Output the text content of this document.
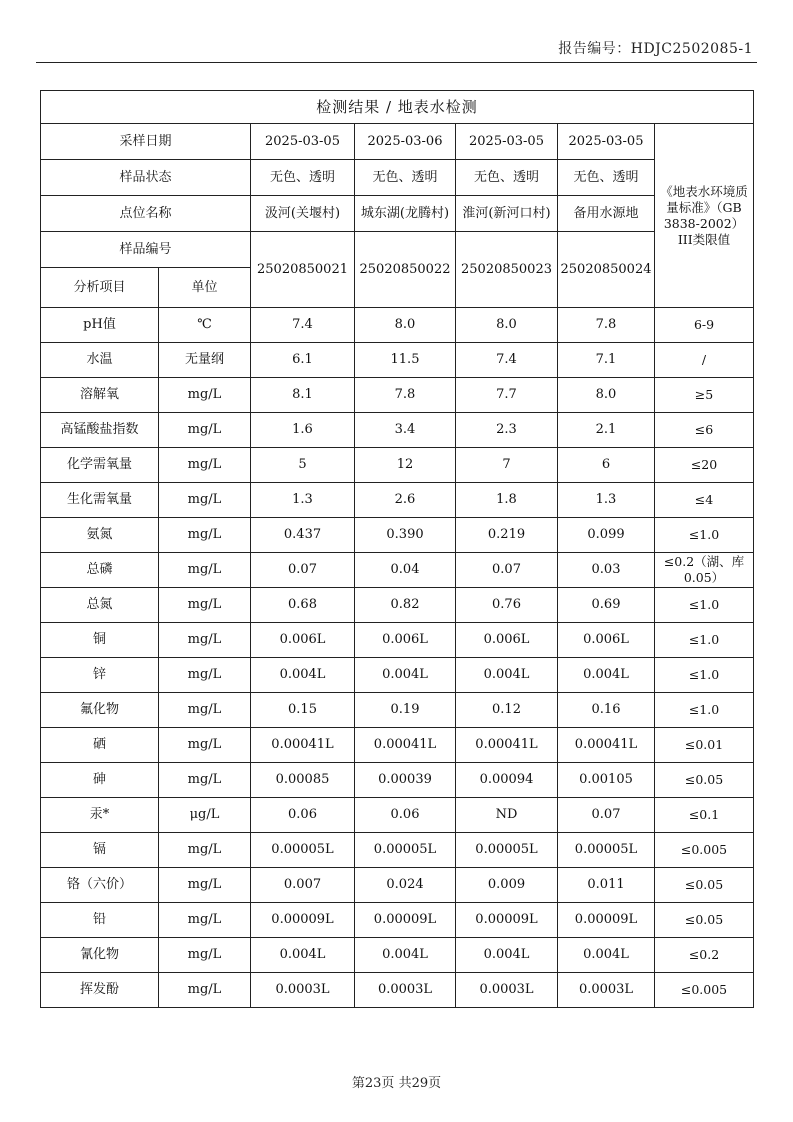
报告编号：HDJC2502085-1
检测结果 / 地表水检测						
采样日期		2025-03-05	2025-03-06	2025-03-05	2025-03-05	《地表水环境质量标准》（GB 3838-2002）III类限值
样品状态		无色、透明	无色、透明	无色、透明	无色、透明	
点位名称		汲河(关堰村)	城东湖(龙腾村)	淮河(新河口村)	备用水源地	
样品编号		25020850021	25020850022	25020850023	25020850024	
分析项目	单位					
pH值	℃	7.4	8.0	8.0	7.8	6-9
水温	无量纲	6.1	11.5	7.4	7.1	/
溶解氧	mg/L	8.1	7.8	7.7	8.0	≥5
高锰酸盐指数	mg/L	1.6	3.4	2.3	2.1	≤6
化学需氧量	mg/L	5	12	7	6	≤20
生化需氧量	mg/L	1.3	2.6	1.8	1.3	≤4
氨氮	mg/L	0.437	0.390	0.219	0.099	≤1.0
总磷	mg/L	0.07	0.04	0.07	0.03	≤0.2（湖、库0.05）
总氮	mg/L	0.68	0.82	0.76	0.69	≤1.0
铜	mg/L	0.006L	0.006L	0.006L	0.006L	≤1.0
锌	mg/L	0.004L	0.004L	0.004L	0.004L	≤1.0
氟化物	mg/L	0.15	0.19	0.12	0.16	≤1.0
硒	mg/L	0.00041L	0.00041L	0.00041L	0.00041L	≤0.01
砷	mg/L	0.00085	0.00039	0.00094	0.00105	≤0.05
汞*	μg/L	0.06	0.06	ND	0.07	≤0.1
镉	mg/L	0.00005L	0.00005L	0.00005L	0.00005L	≤0.005
铬（六价）	mg/L	0.007	0.024	0.009	0.011	≤0.05
铅	mg/L	0.00009L	0.00009L	0.00009L	0.00009L	≤0.05
氰化物	mg/L	0.004L	0.004L	0.004L	0.004L	≤0.2
挥发酚	mg/L	0.0003L	0.0003L	0.0003L	0.0003L	≤0.005
第23页 共29页
